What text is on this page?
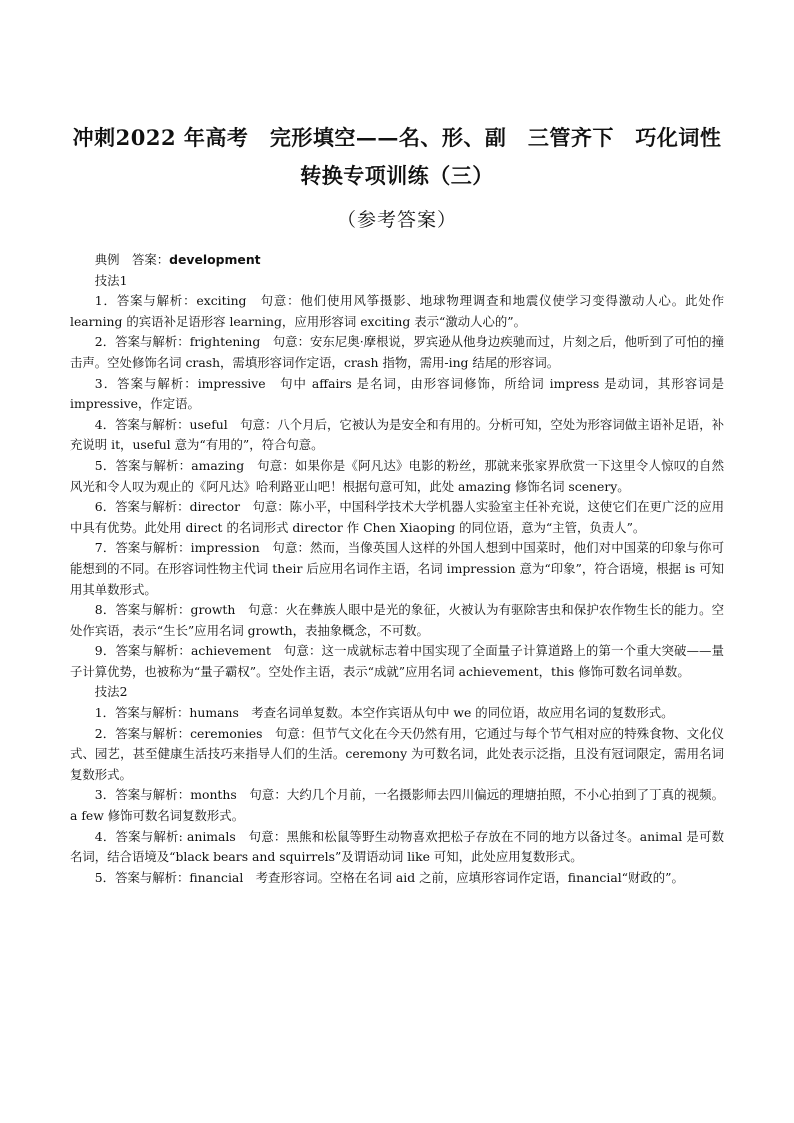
冲刺2022 年高考　完形填空——名、形、副　三管齐下　巧化词性
转换专项训练（三）
（参考答案）

典例　答案：development

技法1

1．答案与解析：exciting　句意：他们使用风筝摄影、地球物理调查和地震仪使学习变得激动人心。此处作 learning 的宾语补足语形容 learning，应用形容词 exciting 表示“激动人心的”。

2．答案与解析：frightening　句意：安东尼奥·摩根说，罗宾逊从他身边疾驰而过，片刻之后，他听到了可怕的撞击声。空处修饰名词 crash，需填形容词作定语，crash 指物，需用-ing 结尾的形容词。

3．答案与解析：impressive　句中 affairs 是名词，由形容词修饰，所给词 impress 是动词，其形容词是 impressive，作定语。

4．答案与解析：useful　句意：八个月后，它被认为是安全和有用的。分析可知，空处为形容词做主语补足语，补充说明 it，useful 意为“有用的”，符合句意。

5．答案与解析：amazing　句意：如果你是《阿凡达》电影的粉丝，那就来张家界欣赏一下这里令人惊叹的自然风光和令人叹为观止的《阿凡达》哈利路亚山吧！根据句意可知，此处 amazing 修饰名词 scenery。

6．答案与解析：director　句意：陈小平，中国科学技术大学机器人实验室主任补充说，这使它们在更广泛的应用中具有优势。此处用 direct 的名词形式 director 作 Chen Xiaoping 的同位语，意为“主管，负责人”。

7．答案与解析：impression　句意：然而，当像英国人这样的外国人想到中国菜时，他们对中国菜的印象与你可能想到的不同。在形容词性物主代词 their 后应用名词作主语，名词 impression 意为“印象”，符合语境，根据 is 可知用其单数形式。

8．答案与解析：growth　句意：火在彝族人眼中是光的象征，火被认为有驱除害虫和保护农作物生长的能力。空处作宾语，表示“生长”应用名词 growth，表抽象概念，不可数。

9．答案与解析：achievement　句意：这一成就标志着中国实现了全面量子计算道路上的第一个重大突破——量子计算优势，也被称为“量子霸权”。空处作主语，表示“成就”应用名词 achievement，this 修饰可数名词单数。

技法2

1．答案与解析：humans　考查名词单复数。本空作宾语从句中 we 的同位语，故应用名词的复数形式。

2．答案与解析：ceremonies　句意：但节气文化在今天仍然有用，它通过与每个节气相对应的特殊食物、文化仪式、园艺，甚至健康生活技巧来指导人们的生活。ceremony 为可数名词，此处表示泛指，且没有冠词限定，需用名词复数形式。

3．答案与解析：months　句意：大约几个月前，一名摄影师去四川偏远的理塘拍照，不小心拍到了丁真的视频。a few 修饰可数名词复数形式。

4．答案与解析: animals　句意：黑熊和松鼠等野生动物喜欢把松子存放在不同的地方以备过冬。animal 是可数名词，结合语境及“black bears and squirrels”及谓语动词 like 可知，此处应用复数形式。

5．答案与解析：financial　考查形容词。空格在名词 aid 之前，应填形容词作定语，financial“财政的”。
